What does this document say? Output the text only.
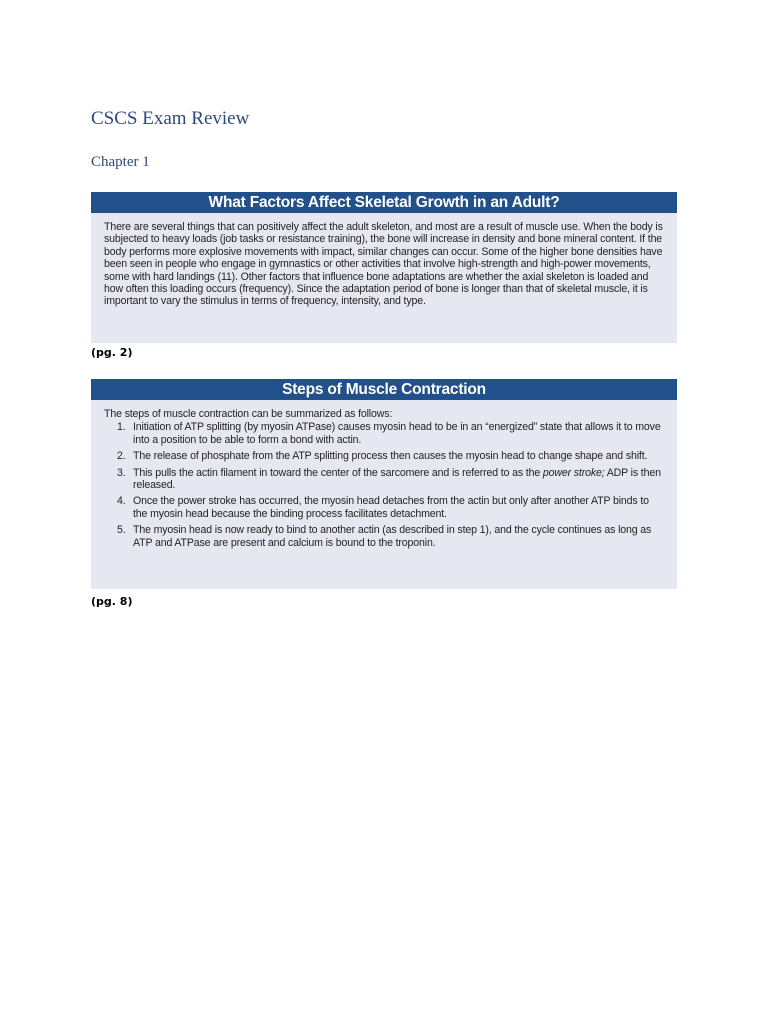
CSCS Exam Review
Chapter 1
What Factors Affect Skeletal Growth in an Adult?
There are several things that can positively affect the adult skeleton, and most are a result of muscle use. When the body is subjected to heavy loads (job tasks or resistance training), the bone will increase in density and bone mineral content. If the body performs more explosive movements with impact, similar changes can occur. Some of the higher bone densities have been seen in people who engage in gymnastics or other activities that involve high-strength and high-power movements, some with hard landings (11). Other factors that influence bone adaptations are whether the axial skeleton is loaded and how often this loading occurs (frequency). Since the adaptation period of bone is longer than that of skeletal muscle, it is important to vary the stimulus in terms of frequency, intensity, and type.
(pg. 2)
Steps of Muscle Contraction

The steps of muscle contraction can be summarized as follows:

1. Initiation of ATP splitting (by myosin ATPase) causes myosin head to be in an “energized” state that allows it to move into a position to be able to form a bond with actin.
2. The release of phosphate from the ATP splitting process then causes the myosin head to change shape and shift.
3. This pulls the actin filament in toward the center of the sarcomere and is referred to as the power stroke; ADP is then released.
4. Once the power stroke has occurred, the myosin head detaches from the actin but only after another ATP binds to the myosin head because the binding process facilitates detachment.
5. The myosin head is now ready to bind to another actin (as described in step 1), and the cycle continues as long as ATP and ATPase are present and calcium is bound to the troponin.
(pg. 8)
